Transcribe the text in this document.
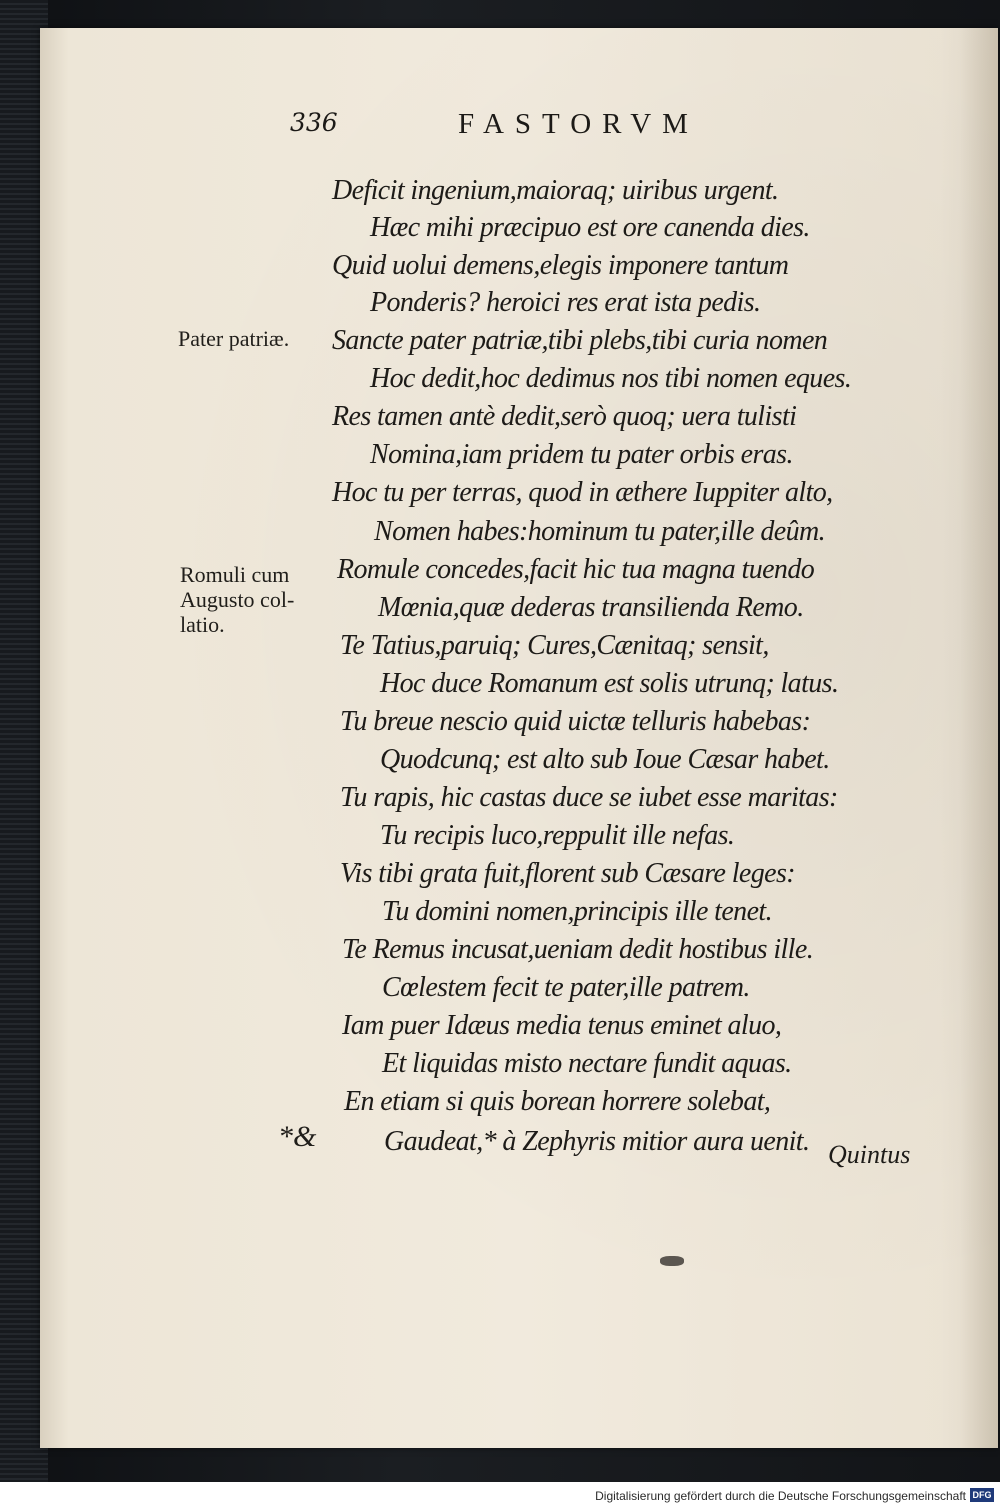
336	FASTORVM
Deficit ingenium,maioraq; uiribus urgent.
Hæc mihi præcipuo est ore canenda dies.
Quid uolui demens,elegis imponere tantum
Ponderis? heroici res erat ista pedis.
Sancte pater patriæ,tibi plebs,tibi curia nomen
Hoc dedit,hoc dedimus nos tibi nomen eques.
Res tamen antè dedit,serò quoq; uera tulisti
Nomina,iam pridem tu pater orbis eras.
Hoc tu per terras, quod in æthere Iuppiter alto,
Nomen habes:hominum tu pater,ille deûm.
Romule concedes,facit hic tua magna tuendo
Mœnia,quæ dederas transilienda Remo.
Te Tatius,paruiq; Cures,Cænitaq; sensit,
Hoc duce Romanum est solis utrunq; latus.
Tu breue nescio quid uictæ telluris habebas:
Quodcunq; est alto sub Ioue Cæsar habet.
Tu rapis, hic castas duce se iubet esse maritas:
Tu recipis luco,reppulit ille nefas.
Vis tibi grata fuit,florent sub Cæsare leges:
Tu domini nomen,principis ille tenet.
Te Remus incusat,ueniam dedit hostibus ille.
Cœlestem fecit te pater,ille patrem.
Iam puer Idæus media tenus eminet aluo,
Et liquidas misto nectare fundit aquas.
En etiam si quis borean horrere solebat,
Gaudeat,* à Zephyris mitior aura uenit.
Pater patriæ.
Romuli cum
Augusto col-
latio.
*&
Quintus
Digitalisierung gefördert durch die Deutsche Forschungsgemeinschaft DFG
